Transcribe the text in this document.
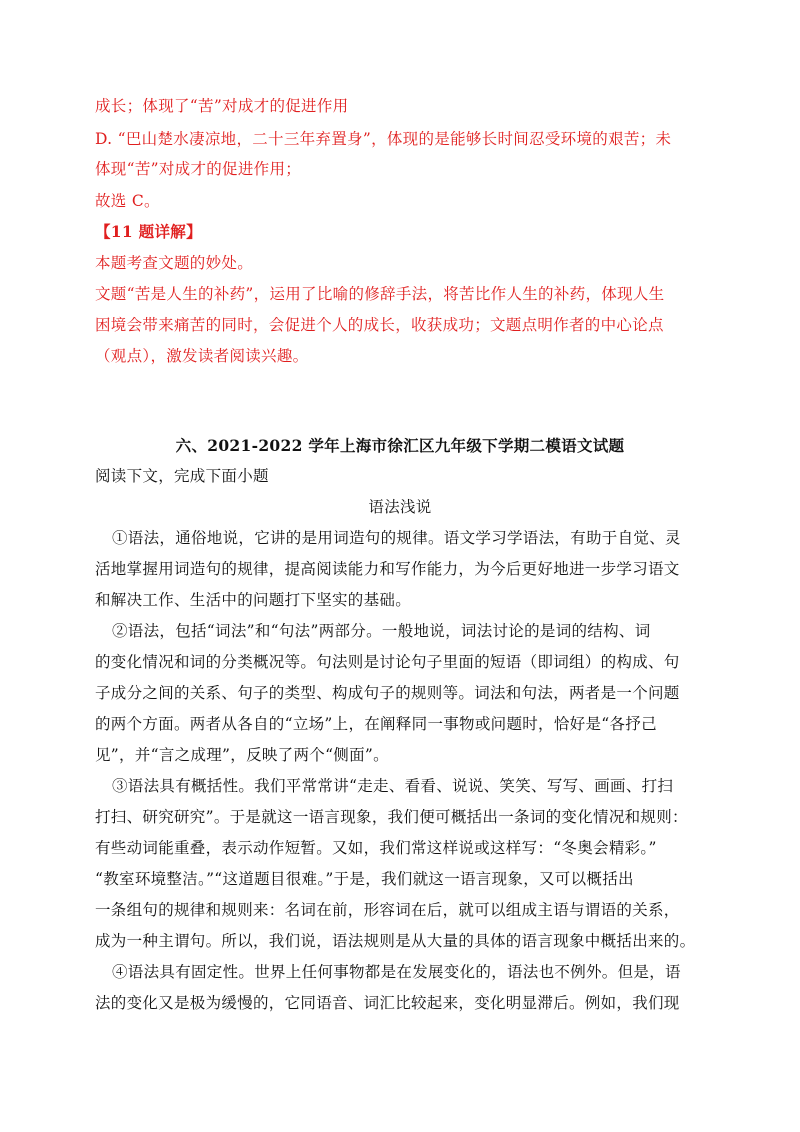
成长；体现了“苦”对成才的促进作用
D. “巴山楚水凄凉地，二十三年弃置身”，体现的是能够长时间忍受环境的艰苦；未
体现“苦”对成才的促进作用；
故选 C。
【11 题详解】
本题考查文题的妙处。
文题“苦是人生的补药”，运用了比喻的修辞手法，将苦比作人生的补药，体现人生
困境会带来痛苦的同时，会促进个人的成长，收获成功；文题点明作者的中心论点
（观点），激发读者阅读兴趣。
六、2021-2022 学年上海市徐汇区九年级下学期二模语文试题
阅读下文，完成下面小题
语法浅说
①语法，通俗地说，它讲的是用词造句的规律。语文学习学语法，有助于自觉、灵
活地掌握用词造句的规律，提高阅读能力和写作能力，为今后更好地进一步学习语文
和解决工作、生活中的问题打下坚实的基础。
②语法，包括“词法”和“句法”两部分。一般地说，词法讨论的是词的结构、词
的变化情况和词的分类概况等。句法则是讨论句子里面的短语（即词组）的构成、句
子成分之间的关系、句子的类型、构成句子的规则等。词法和句法，两者是一个问题
的两个方面。两者从各自的“立场”上，在阐释同一事物或问题时，恰好是“各抒己
见”，并“言之成理”，反映了两个“侧面”。
③语法具有概括性。我们平常常讲“走走、看看、说说、笑笑、写写、画画、打扫
打扫、研究研究”。于是就这一语言现象，我们便可概括出一条词的变化情况和规则：
有些动词能重叠，表示动作短暂。又如，我们常这样说或这样写：“冬奥会精彩。”
“教室环境整洁。”“这道题目很难。”于是，我们就这一语言现象，又可以概括出
一条组句的规律和规则来：名词在前，形容词在后，就可以组成主语与谓语的关系，
成为一种主谓句。所以，我们说，语法规则是从大量的具体的语言现象中概括出来的。
④语法具有固定性。世界上任何事物都是在发展变化的，语法也不例外。但是，语
法的变化又是极为缓慢的，它同语音、词汇比较起来，变化明显滞后。例如，我们现
